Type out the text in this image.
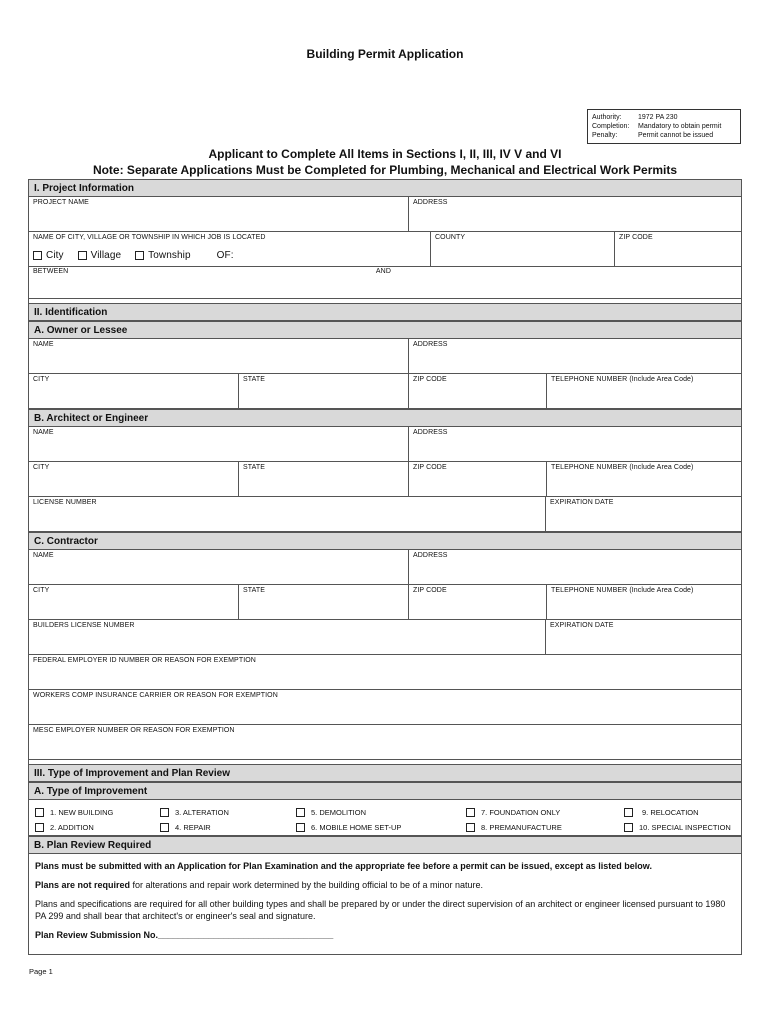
Building Permit Application
Authority:	1972 PA 230
Completion:	Mandatory to obtain permit
Penalty:	Permit cannot be issued
Applicant to Complete All Items in Sections I, II, III, IV V and VI
Note: Separate Applications Must be Completed for Plumbing, Mechanical and Electrical Work Permits
I. Project Information
PROJECT NAME	ADDRESS
NAME OF CITY, VILLAGE OR TOWNSHIP IN WHICH JOB IS LOCATED
City	Village	Township	OF:
COUNTY	ZIP CODE
BETWEEN	AND
II. Identification
A. Owner or Lessee
NAME	ADDRESS
CITY	STATE	ZIP CODE	TELEPHONE NUMBER (Include Area Code)
B. Architect or Engineer
NAME	ADDRESS
CITY	STATE	ZIP CODE	TELEPHONE NUMBER (Include Area Code)
LICENSE NUMBER	EXPIRATION DATE
C. Contractor
NAME	ADDRESS
CITY	STATE	ZIP CODE	TELEPHONE NUMBER (Include Area Code)
BUILDERS LICENSE NUMBER	EXPIRATION DATE
FEDERAL EMPLOYER ID NUMBER OR REASON FOR EXEMPTION
WORKERS COMP INSURANCE CARRIER OR REASON FOR EXEMPTION
MESC EMPLOYER NUMBER OR REASON FOR EXEMPTION
III. Type of Improvement and Plan Review
A. Type of Improvement
1. NEW BUILDING
2. ADDITION
3. ALTERATION
4. REPAIR
5. DEMOLITION
6. MOBILE HOME SET-UP
7. FOUNDATION ONLY
8. PREMANUFACTURE
9. RELOCATION
10. SPECIAL INSPECTION
B. Plan Review Required

Plans must be submitted with an Application for Plan Examination and the appropriate fee before a permit can be issued, except as listed below.

Plans are not required for alterations and repair work determined by the building official to be of a minor nature.

Plans and specifications are required for all other building types and shall be prepared by or under the direct supervision of an architect or engineer licensed pursuant to 1980 PA 299 and shall bear that architect's or engineer's seal and signature.

Plan Review Submission No.___________________________________

Page 1
